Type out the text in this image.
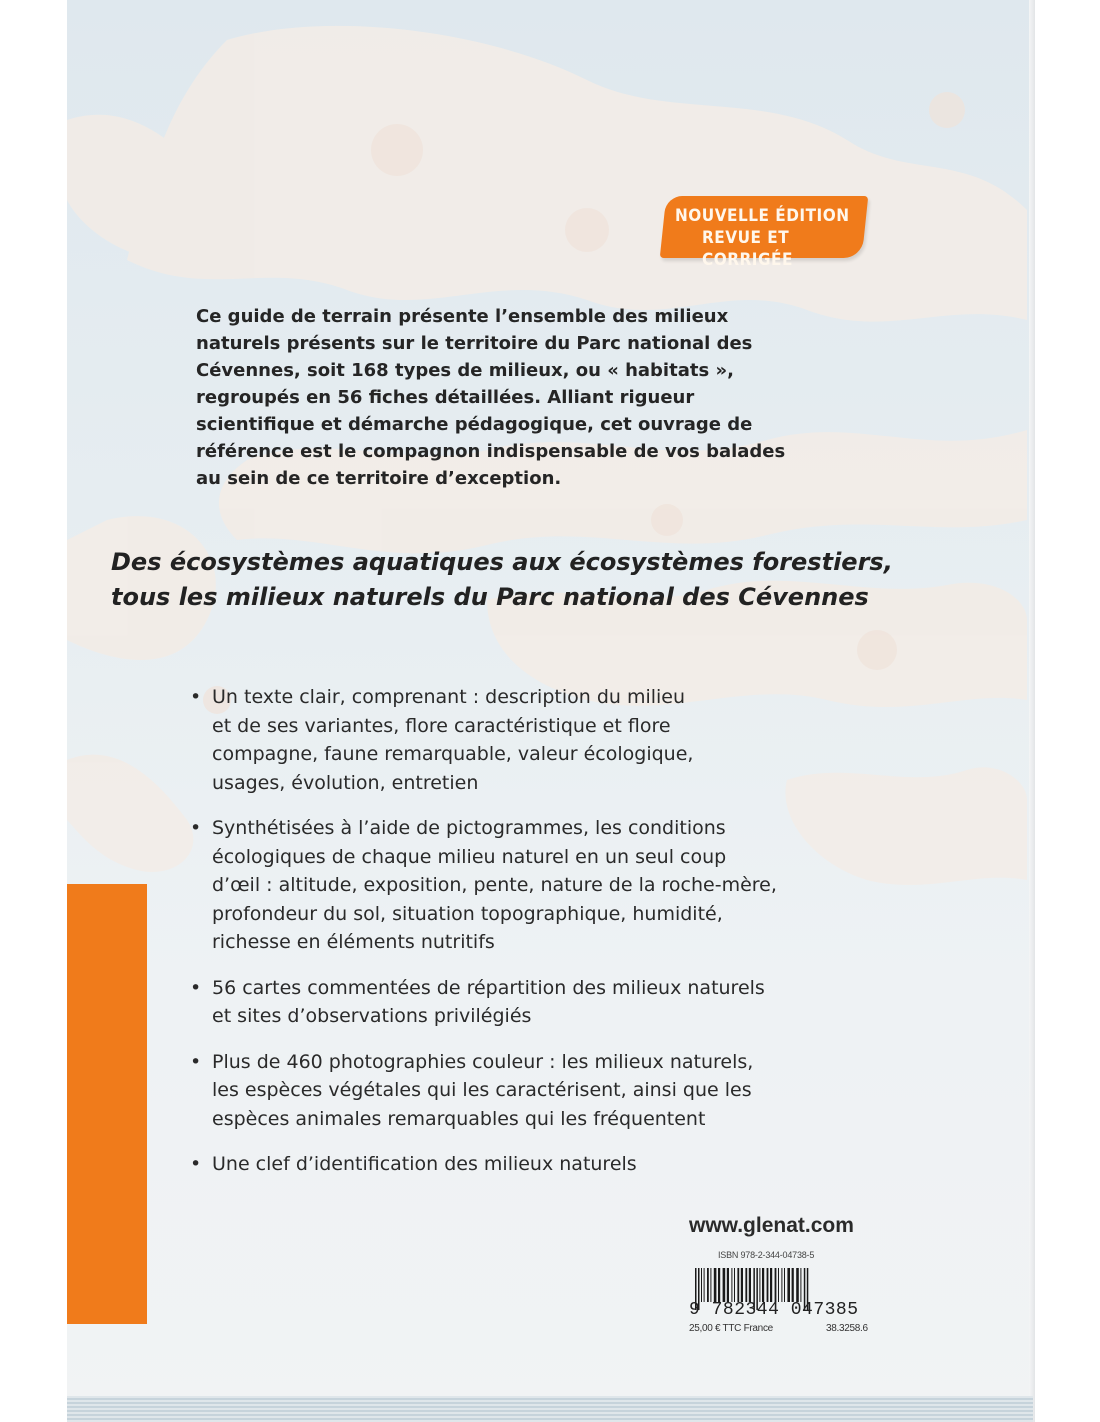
NOUVELLE ÉDITION
REVUE ET CORRIGÉE
Ce guide de terrain présente l’ensemble des milieux
naturels présents sur le territoire du Parc national des
Cévennes, soit 168 types de milieux, ou « habitats »,
regroupés en 56 fiches détaillées. Alliant rigueur
scientifique et démarche pédagogique, cet ouvrage de
référence est le compagnon indispensable de vos balades
au sein de ce territoire d’exception.
Des écosystèmes aquatiques aux écosystèmes forestiers,
tous les milieux naturels du Parc national des Cévennes
• Un texte clair, comprenant : description du milieu
et de ses variantes, flore caractéristique et flore
compagne, faune remarquable, valeur écologique,
usages, évolution, entretien
• Synthétisées à l’aide de pictogrammes, les conditions
écologiques de chaque milieu naturel en un seul coup
d’œil : altitude, exposition, pente, nature de la roche-mère,
profondeur du sol, situation topographique, humidité,
richesse en éléments nutritifs
• 56 cartes commentées de répartition des milieux naturels
et sites d’observations privilégiés
• Plus de 460 photographies couleur : les milieux naturels,
les espèces végétales qui les caractérisent, ainsi que les
espèces animales remarquables qui les fréquentent
• Une clef d’identification des milieux naturels
www.glenat.com
ISBN 978-2-344-04738-5
9 782344 047385
25,00 € TTC France	38.3258.6
